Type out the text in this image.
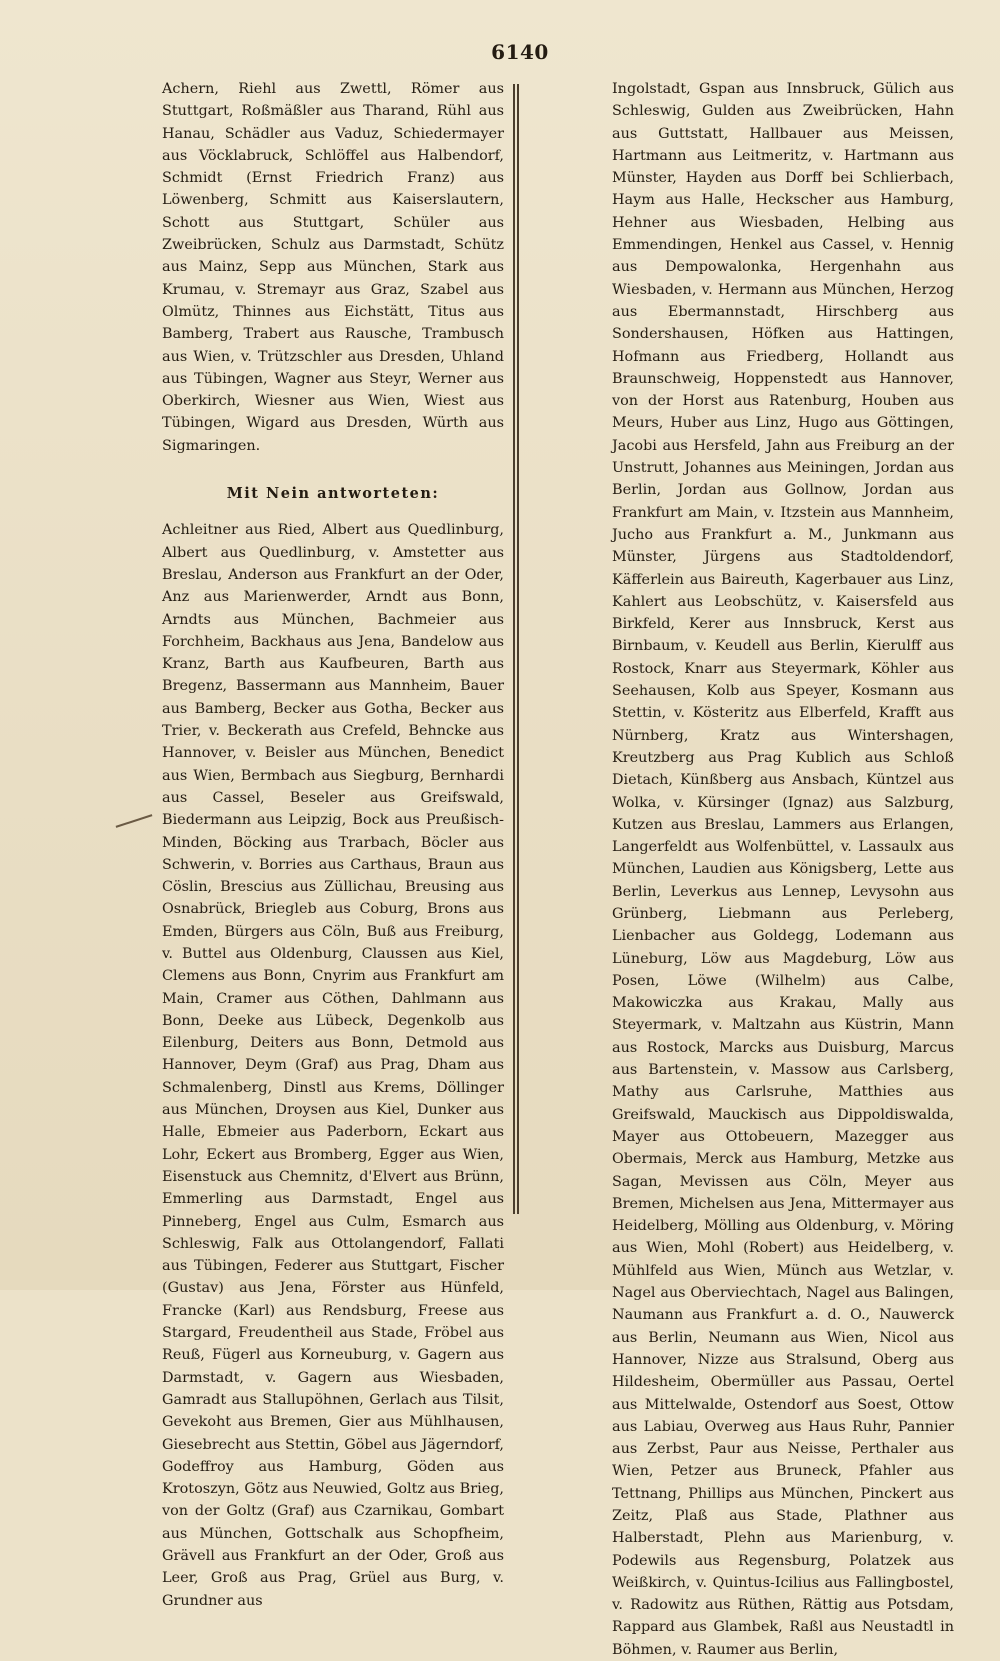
6140

Achern, Riehl aus Zwettl, Römer aus Stuttgart, Roßmäßler aus Tharand, Rühl aus Hanau, Schädler aus Vaduz, Schiedermayer aus Vöcklabruck, Schlöffel aus Halbendorf, Schmidt (Ernst Friedrich Franz) aus Löwenberg, Schmitt aus Kaiserslautern, Schott aus Stuttgart, Schüler aus Zweibrücken, Schulz aus Darmstadt, Schütz aus Mainz, Sepp aus München, Stark aus Krumau, v. Stremayr aus Graz, Szabel aus Olmütz, Thinnes aus Eichstätt, Titus aus Bamberg, Trabert aus Rausche, Trambusch aus Wien, v. Trützschler aus Dresden, Uhland aus Tübingen, Wagner aus Steyr, Werner aus Oberkirch, Wiesner aus Wien, Wiest aus Tübingen, Wigard aus Dresden, Würth aus Sigmaringen.

Mit Nein antworteten:

Achleitner aus Ried, Albert aus Quedlinburg, Albert aus Quedlinburg, v. Amstetter aus Breslau, Anderson aus Frankfurt an der Oder, Anz aus Marienwerder, Arndt aus Bonn, Arndts aus München, Bachmeier aus Forchheim, Backhaus aus Jena, Bandelow aus Kranz, Barth aus Kaufbeuren, Barth aus Bregenz, Bassermann aus Mannheim, Bauer aus Bamberg, Becker aus Gotha, Becker aus Trier, v. Beckerath aus Crefeld, Behncke aus Hannover, v. Beisler aus München, Benedict aus Wien, Bermbach aus Siegburg, Bernhardi aus Cassel, Beseler aus Greifswald, Biedermann aus Leipzig, Bock aus Preußisch-Minden, Böcking aus Trarbach, Böcler aus Schwerin, v. Borries aus Carthaus, Braun aus Cöslin, Brescius aus Züllichau, Breusing aus Osnabrück, Briegleb aus Coburg, Brons aus Emden, Bürgers aus Cöln, Buß aus Freiburg, v. Buttel aus Oldenburg, Claussen aus Kiel, Clemens aus Bonn, Cnyrim aus Frankfurt am Main, Cramer aus Cöthen, Dahlmann aus Bonn, Deeke aus Lübeck, Degenkolb aus Eilenburg, Deiters aus Bonn, Detmold aus Hannover, Deym (Graf) aus Prag, Dham aus Schmalenberg, Dinstl aus Krems, Döllinger aus München, Droysen aus Kiel, Dunker aus Halle, Ebmeier aus Paderborn, Eckart aus Lohr, Eckert aus Bromberg, Egger aus Wien, Eisenstuck aus Chemnitz, d'Elvert aus Brünn, Emmerling aus Darmstadt, Engel aus Pinneberg, Engel aus Culm, Esmarch aus Schleswig, Falk aus Ottolangendorf, Fallati aus Tübingen, Federer aus Stuttgart, Fischer (Gustav) aus Jena, Förster aus Hünfeld, Francke (Karl) aus Rendsburg, Freese aus Stargard, Freudentheil aus Stade, Fröbel aus Reuß, Fügerl aus Korneuburg, v. Gagern aus Darmstadt, v. Gagern aus Wiesbaden, Gamradt aus Stallupöhnen, Gerlach aus Tilsit, Gevekoht aus Bremen, Gier aus Mühlhausen, Giesebrecht aus Stettin, Göbel aus Jägerndorf, Godeffroy aus Hamburg, Göden aus Krotoszyn, Götz aus Neuwied, Goltz aus Brieg, von der Goltz (Graf) aus Czarnikau, Gombart aus München, Gottschalk aus Schopfheim, Grävell aus Frankfurt an der Oder, Groß aus Leer, Groß aus Prag, Grüel aus Burg, v. Grundner aus

Ingolstadt, Gspan aus Innsbruck, Gülich aus Schleswig, Gulden aus Zweibrücken, Hahn aus Guttstatt, Hallbauer aus Meissen, Hartmann aus Leitmeritz, v. Hartmann aus Münster, Hayden aus Dorff bei Schlierbach, Haym aus Halle, Heckscher aus Hamburg, Hehner aus Wiesbaden, Helbing aus Emmendingen, Henkel aus Cassel, v. Hennig aus Dempowalonka, Hergenhahn aus Wiesbaden, v. Hermann aus München, Herzog aus Ebermannstadt, Hirschberg aus Sondershausen, Höfken aus Hattingen, Hofmann aus Friedberg, Hollandt aus Braunschweig, Hoppenstedt aus Hannover, von der Horst aus Ratenburg, Houben aus Meurs, Huber aus Linz, Hugo aus Göttingen, Jacobi aus Hersfeld, Jahn aus Freiburg an der Unstrutt, Johannes aus Meiningen, Jordan aus Berlin, Jordan aus Gollnow, Jordan aus Frankfurt am Main, v. Itzstein aus Mannheim, Jucho aus Frankfurt a. M., Junkmann aus Münster, Jürgens aus Stadtoldendorf, Käfferlein aus Baireuth, Kagerbauer aus Linz, Kahlert aus Leobschütz, v. Kaisersfeld aus Birkfeld, Kerer aus Innsbruck, Kerst aus Birnbaum, v. Keudell aus Berlin, Kierulff aus Rostock, Knarr aus Steyermark, Köhler aus Seehausen, Kolb aus Speyer, Kosmann aus Stettin, v. Kösteritz aus Elberfeld, Krafft aus Nürnberg, Kratz aus Wintershagen, Kreutzberg aus Prag Kublich aus Schloß Dietach, Künßberg aus Ansbach, Küntzel aus Wolka, v. Kürsinger (Ignaz) aus Salzburg, Kutzen aus Breslau, Lammers aus Erlangen, Langerfeldt aus Wolfenbüttel, v. Lassaulx aus München, Laudien aus Königsberg, Lette aus Berlin, Leverkus aus Lennep, Levysohn aus Grünberg, Liebmann aus Perleberg, Lienbacher aus Goldegg, Lodemann aus Lüneburg, Löw aus Magdeburg, Löw aus Posen, Löwe (Wilhelm) aus Calbe, Makowiczka aus Krakau, Mally aus Steyermark, v. Maltzahn aus Küstrin, Mann aus Rostock, Marcks aus Duisburg, Marcus aus Bartenstein, v. Massow aus Carlsberg, Mathy aus Carlsruhe, Matthies aus Greifswald, Mauckisch aus Dippoldiswalda, Mayer aus Ottobeuern, Mazegger aus Obermais, Merck aus Hamburg, Metzke aus Sagan, Mevissen aus Cöln, Meyer aus Bremen, Michelsen aus Jena, Mittermayer aus Heidelberg, Mölling aus Oldenburg, v. Möring aus Wien, Mohl (Robert) aus Heidelberg, v. Mühlfeld aus Wien, Münch aus Wetzlar, v. Nagel aus Oberviechtach, Nagel aus Balingen, Naumann aus Frankfurt a. d. O., Nauwerck aus Berlin, Neumann aus Wien, Nicol aus Hannover, Nizze aus Stralsund, Oberg aus Hildesheim, Obermüller aus Passau, Oertel aus Mittelwalde, Ostendorf aus Soest, Ottow aus Labiau, Overweg aus Haus Ruhr, Pannier aus Zerbst, Paur aus Neisse, Perthaler aus Wien, Petzer aus Bruneck, Pfahler aus Tettnang, Phillips aus München, Pinckert aus Zeitz, Plaß aus Stade, Plathner aus Halberstadt, Plehn aus Marienburg, v. Podewils aus Regensburg, Polatzek aus Weißkirch, v. Quintus-Icilius aus Fallingbostel, v. Radowitz aus Rüthen, Rättig aus Potsdam, Rappard aus Glambek, Raßl aus Neustadtl in Böhmen, v. Raumer aus Berlin,
